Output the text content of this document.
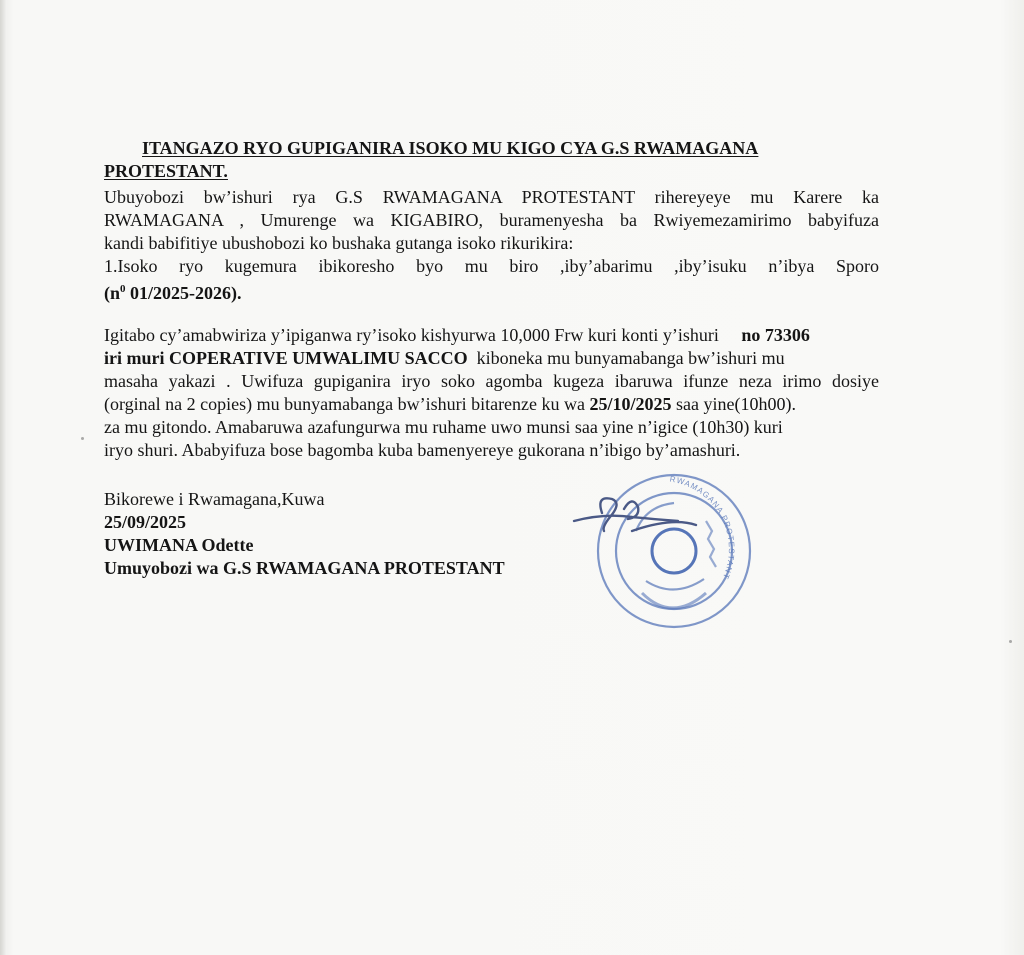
ITANGAZO RYO GUPIGANIRA ISOKO MU KIGO CYA G.S RWAMAGANA
PROTESTANT.
Ubuyobozi bw’ishuri rya G.S RWAMAGANA PROTESTANT rihereyeye mu Karere ka
RWAMAGANA , Umurenge wa KIGABIRO, buramenyesha ba Rwiyemezamirimo babyifuza
kandi babifitiye ubushobozi ko bushaka gutanga isoko rikurikira:
1.Isoko ryo kugemura ibikoresho byo mu biro ,iby’abarimu ,iby’isuku n’ibya Sporo
($n^0$ 01/2025-2026).
Igitabo cy’amabwiriza y’ipiganwa ry’isoko kishyurwa 10,000 Frw kuri konti y’ishuri no 73306
iri muri COPERATIVE UMWALIMU SACCO kiboneka mu bunyamabanga bw’ishuri mu
masaha yakazi . Uwifuza gupiganira iryo soko agomba kugeza ibaruwa ifunze neza irimo dosiye
(orginal na 2 copies) mu bunyamabanga bw’ishuri bitarenze ku wa 25/10/2025 saa yine(10h00).
za mu gitondo. Amabaruwa azafungurwa mu ruhame uwo munsi saa yine n’igice (10h30) kuri
iryo shuri. Ababyifuza bose bagomba kuba bamenyereye gukorana n’ibigo by’amashuri.
Bikorewe i Rwamagana,Kuwa
25/09/2025
UWIMANA Odette
Umuyobozi wa G.S RWAMAGANA PROTESTANT
RWAMAGANA PROTESTANT
